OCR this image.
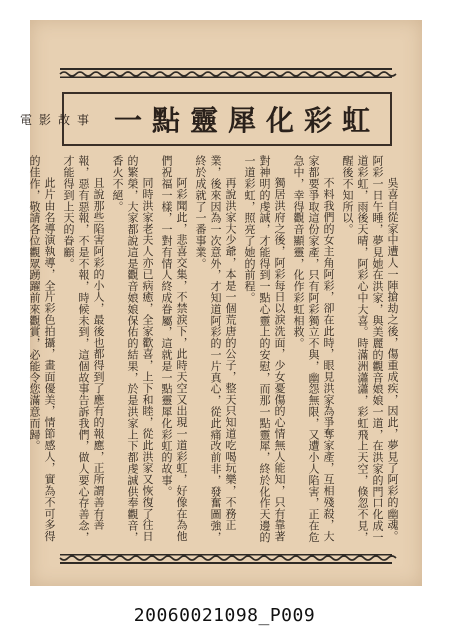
一點靈犀化彩虹
電影故事

吳喜自從家中遭人一陣搶劫之後，傷重成疾，因此，夢見了阿彩的幽魂。阿彩一日午睡，夢見她在洪家，與美麗的觀音娘娘一道，在洪家的門口化成一道彩虹，雨後天晴，阿彩心中大喜。時滿洲瀟瀟，彩虹飛上天空，倏忽不見，醒後不知所以。

不料我們的女主角阿彩，卻在此時，眼見洪家為爭奪家產，互相殘殺，大家都要爭取這份家產，只有阿彩獨立不與，幽怨無限，又遭小人陷害，正在危急中，幸得觀音顯靈，化作彩虹相救。

獨居洪府之後，阿彩每日以淚洗面，少女憂傷的心情無人能知，只有靠著對神明的虔誠，才能得到一點心靈上的安慰，而那一點靈犀，終於化作天邊的一道彩虹，照亮了她的前程。

再說洪家大少爺，本是一個荒唐的公子，整天只知道吃喝玩樂，不務正業，後來因為一次意外，才知道阿彩的一片真心，從此痛改前非，發奮圖強，終於成就了一番事業。

阿彩聞此，悲喜交集，不禁淚下，此時天空又出現一道彩虹，好像在為他們祝福一樣，一對有情人終成眷屬，這就是一點靈犀化彩虹的故事。

同時洪家老夫人亦已病癒，全家歡喜，上下和睦，從此洪家又恢復了往日的繁榮，大家都說這是觀音娘娘保佑的結果，於是洪家上下都虔誠供奉觀音，香火不絕。

且說那些陷害阿彩的小人，最後也都得到了應有的報應，正所謂善有善報，惡有惡報，不是不報，時候未到，這個故事告訴我們，做人要心存善念，才能得到上天的眷顧。

此片由名導演執導，全片彩色拍攝，畫面優美，情節感人，實為不可多得的佳作，敬請各位觀眾踴躍前來觀賞，必能令您滿意而歸。

20060021098_P009
